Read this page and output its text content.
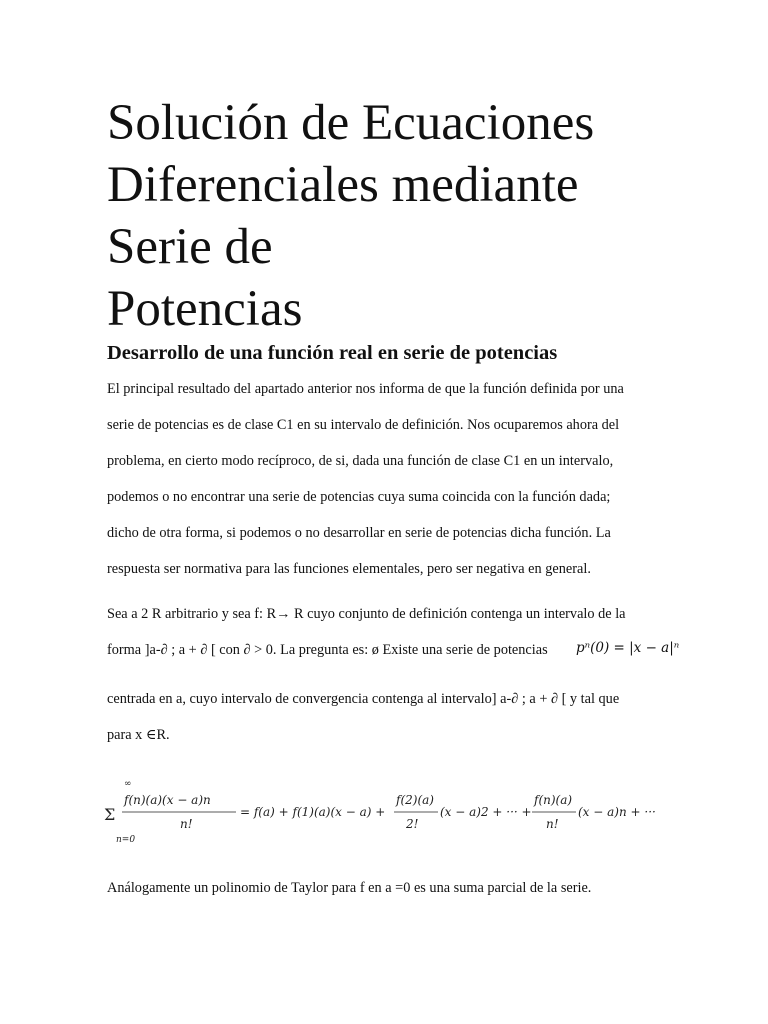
Solución de Ecuaciones
Diferenciales mediante
Serie de
Potencias
Desarrollo de una función real en serie de potencias
El principal resultado del apartado anterior nos informa de que la función definida por una
serie de potencias es de clase C1 en su intervalo de definición. Nos ocuparemos ahora del
problema, en cierto modo recíproco, de si, dada una función de clase C1 en un intervalo,
podemos o no encontrar una serie de potencias cuya suma coincida con la función dada;
dicho de otra forma, si podemos o no desarrollar en serie de potencias dicha función. La
respuesta ser normativa para las funciones elementales, pero ser negativa en general.
Sea a 2 R arbitrario y sea f: R→ R cuyo conjunto de definición contenga un intervalo de la
forma ]a-∂ ; a + ∂ [ con ∂ > 0. La pregunta es: ø Existe una serie de potencias	pⁿ(0) = |x − a|ⁿ
centrada en a, cuyo intervalo de convergencia contenga al intervalo] a-∂ ; a + ∂ [ y tal que
para x ∈R.
∞
Σ
n=0
f(n)(a)(x − a)n
n!
= f(a) + f(1)(a)(x − a) +
f(2)(a)
2!
(x − a)2 + ··· +
f(n)(a)
n!
(x − a)n + ···
Análogamente un polinomio de Taylor para f en a =0 es una suma parcial de la serie.
